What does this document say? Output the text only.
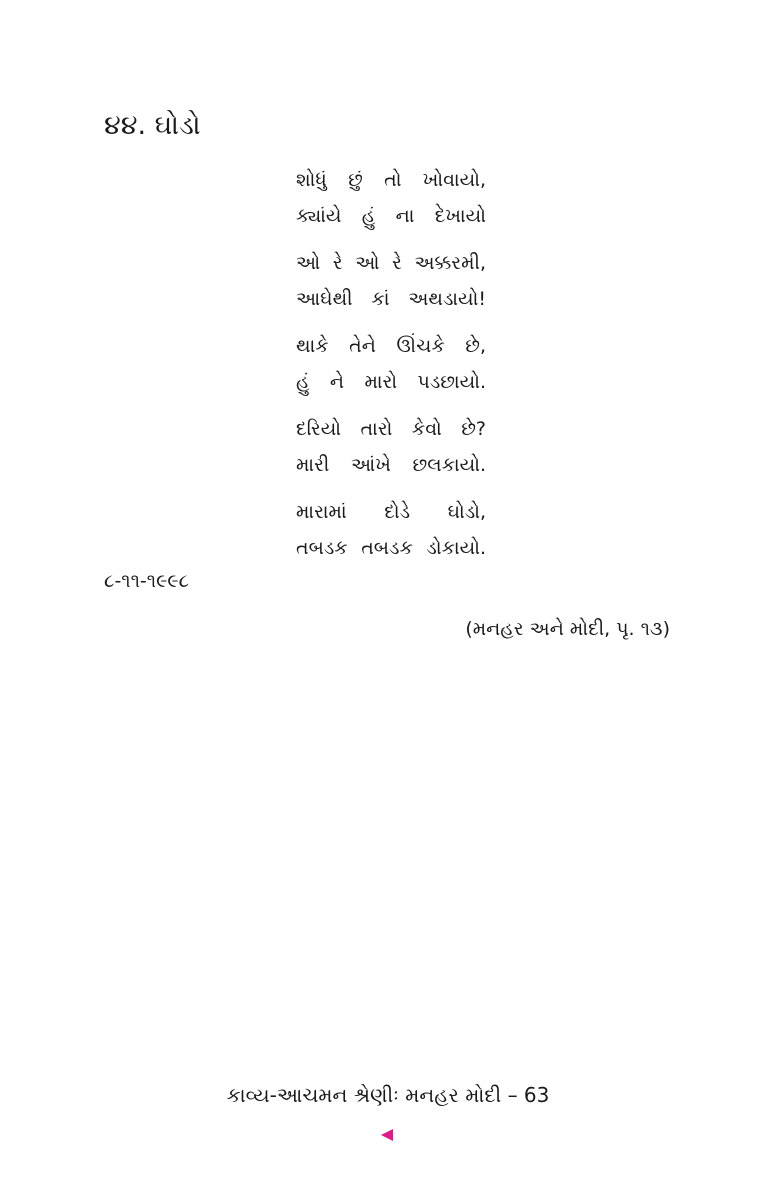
૪૪. ઘોડો
શોધું છું તો ખોવાયો,
ક્યાંયે હું ના દેખાયો
ઓ રે ઓ રે અક્કરમી,
આઘેથી કાં અથડાયો!
થાકે તેને ઊંચકે છે,
હું ને મારો પડછાયો.
દરિયો તારો કેવો છે?
મારી આંખે છલકાયો.
મારામાં દોડે ઘોડો,
તબડક તબડક ડોકાયો.
૮-૧૧-૧૯૯૮
(મનહર અને મોદી, પૃ. ૧૩)
કાવ્ય-આચમન શ્રેણીઃ મનહર મોદી – 63
